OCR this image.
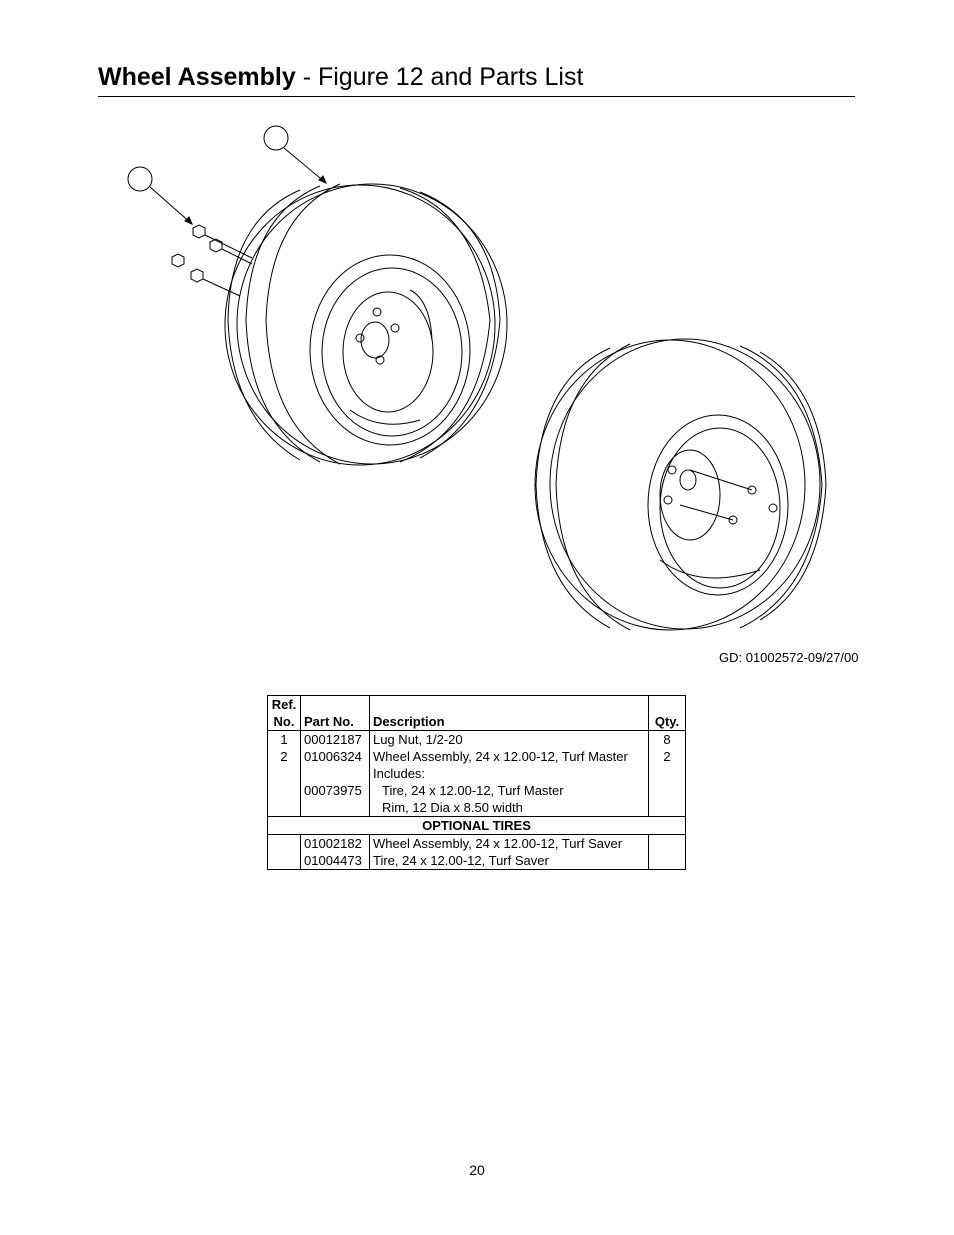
Wheel Assembly - Figure 12 and Parts List
GD: 01002572-09/27/00
Ref.
No.	Part No.	Description	Qty.
1	00012187	Lug Nut, 1/2-20	8
2	01006324	Wheel Assembly, 24 x 12.00-12, Turf Master	2
		Includes:	
	00073975	Tire, 24 x 12.00-12, Turf Master	
		Rim, 12 Dia x 8.50 width	
OPTIONAL TIRES			
	01002182	Wheel Assembly, 24 x 12.00-12, Turf Saver	
	01004473	Tire, 24 x 12.00-12, Turf Saver	
20
